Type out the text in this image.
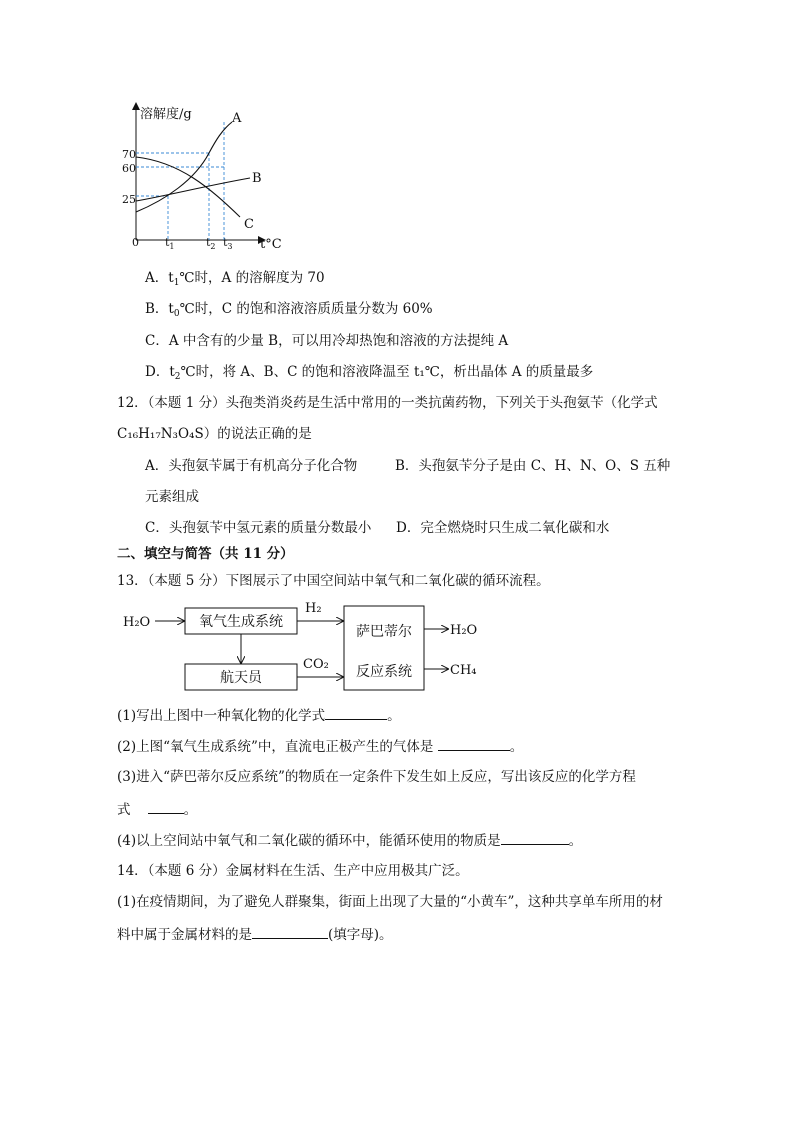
溶解度/g
t°C
0
70
60
25
$t_1$	$t_2$ $t_3$
A
B
C
A．$t_1℃$时，A 的溶解度为 70
B．$t_0℃$时，C 的饱和溶液溶质质量分数为 60%
C．A 中含有的少量 B，可以用冷却热饱和溶液的方法提纯 A
D．$t_2℃$时，将 A、B、C 的饱和溶液降温至 t₁℃，析出晶体 A 的质量最多
12．（本题 1 分）头孢类消炎药是生活中常用的一类抗菌药物，下列关于头孢氨苄（化学式
C₁₆H₁₇N₃O₄S）的说法正确的是
A．头孢氨苄属于有机高分子化合物	B．头孢氨苄分子是由 C、H、N、O、S 五种
元素组成
C．头孢氨苄中氢元素的质量分数最小 D．完全燃烧时只生成二氧化碳和水
二、填空与简答（共 11 分）
13．（本题 5 分）下图展示了中国空间站中氧气和二氧化碳的循环流程。
H₂O	氧气生成系统
H₂
航天员
CO₂
萨巴蒂尔
反应系统
H₂O
CH₄
(1)写出上图中一种氧化物的化学式	。
(2)上图“氧气生成系统”中，直流电正极产生的气体是	。
(3)进入“萨巴蒂尔反应系统”的物质在一定条件下发生如上反应，写出该反应的化学方程
式	。
(4)以上空间站中氧气和二氧化碳的循环中，能循环使用的物质是	。
14．（本题 6 分）金属材料在生活、生产中应用极其广泛。
(1)在疫情期间，为了避免人群聚集，街面上出现了大量的“小黄车”，这种共享单车所用的材
料中属于金属材料的是	(填字母)。
